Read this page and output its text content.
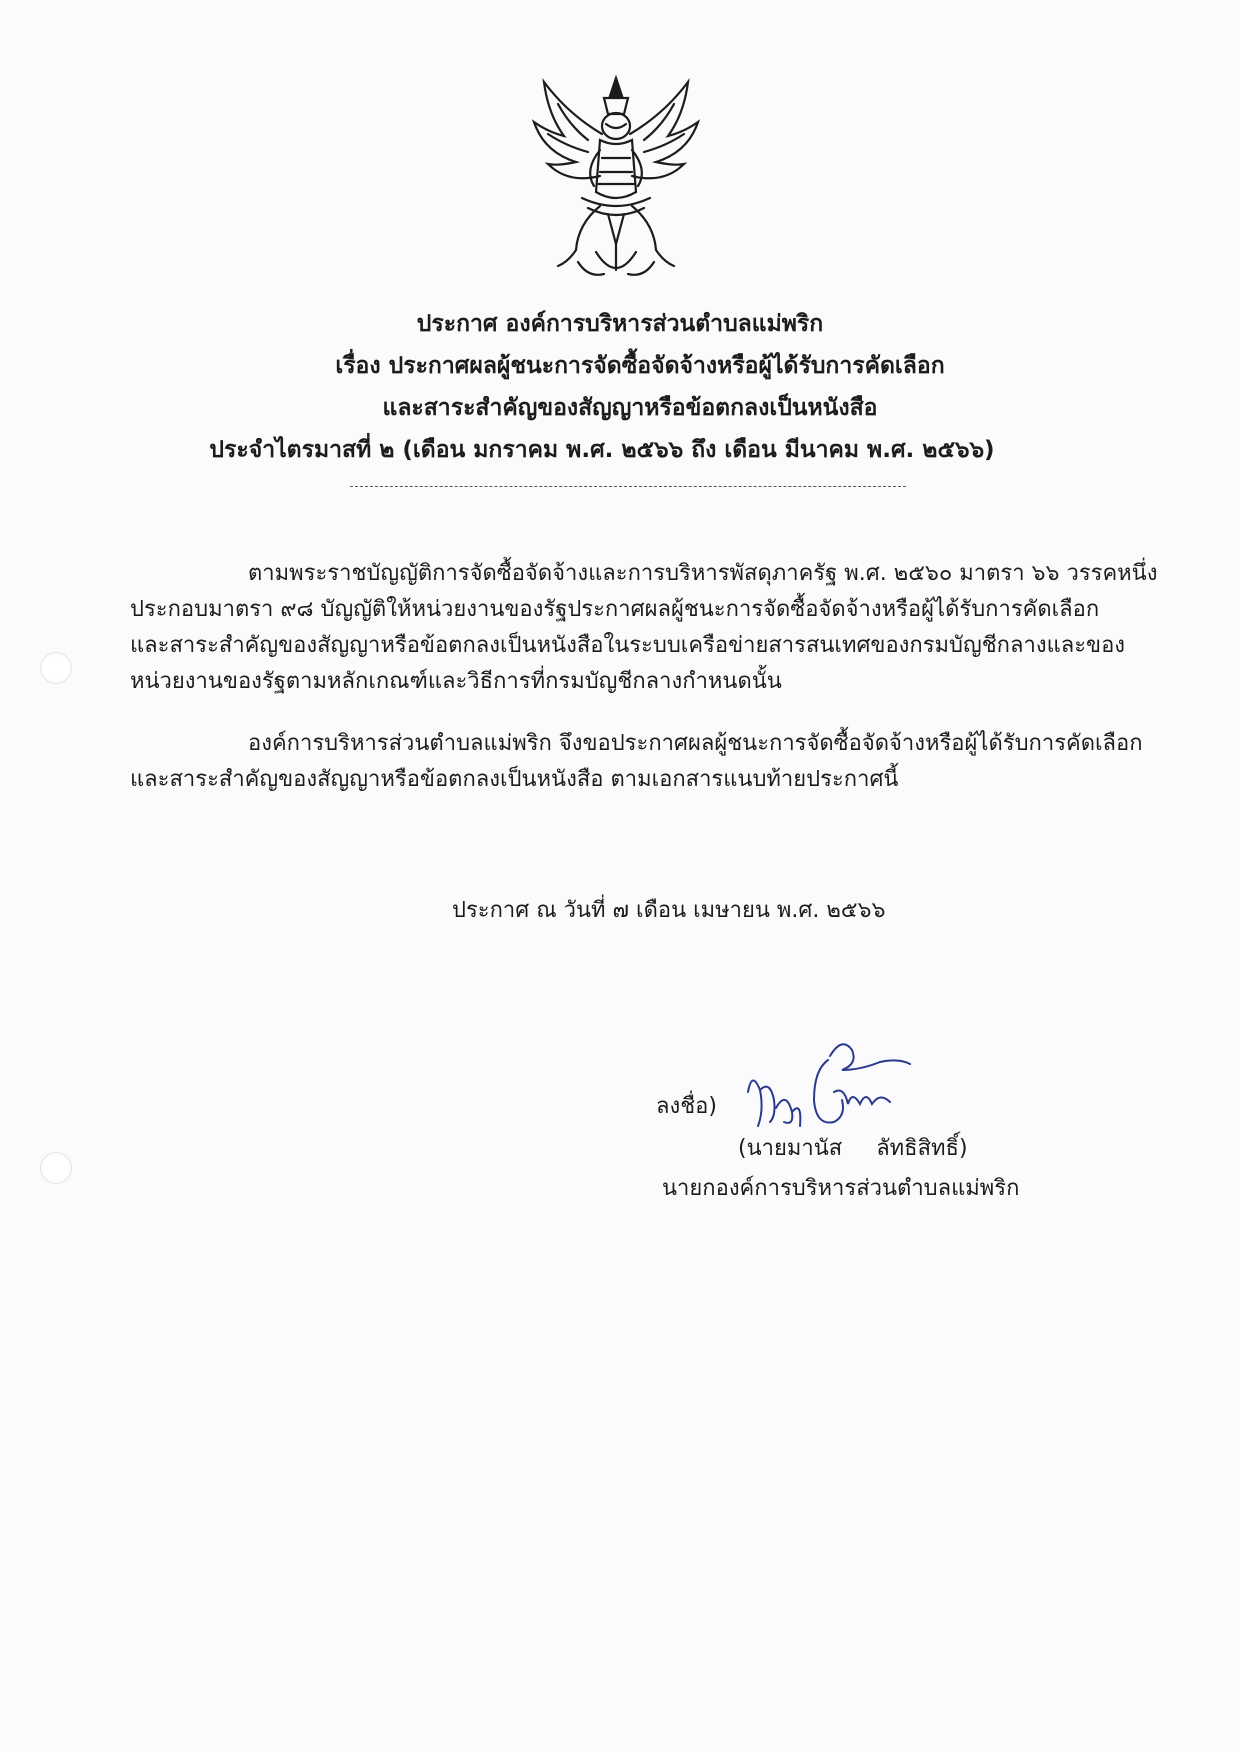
ประกาศ องค์การบริหารส่วนตำบลแม่พริก
เรื่อง ประกาศผลผู้ชนะการจัดซื้อจัดจ้างหรือผู้ได้รับการคัดเลือก
และสาระสำคัญของสัญญาหรือข้อตกลงเป็นหนังสือ
ประจำไตรมาสที่ ๒ (เดือน มกราคม พ.ศ. ๒๕๖๖ ถึง เดือน มีนาคม พ.ศ. ๒๕๖๖)
ตามพระราชบัญญัติการจัดซื้อจัดจ้างและการบริหารพัสดุภาครัฐ พ.ศ. ๒๕๖๐ มาตรา ๖๖ วรรคหนึ่ง
ประกอบมาตรา ๙๘ บัญญัติให้หน่วยงานของรัฐประกาศผลผู้ชนะการจัดซื้อจัดจ้างหรือผู้ได้รับการคัดเลือก
และสาระสำคัญของสัญญาหรือข้อตกลงเป็นหนังสือในระบบเครือข่ายสารสนเทศของกรมบัญชีกลางและของ
หน่วยงานของรัฐตามหลักเกณฑ์และวิธีการที่กรมบัญชีกลางกำหนดนั้น
องค์การบริหารส่วนตำบลแม่พริก จึงขอประกาศผลผู้ชนะการจัดซื้อจัดจ้างหรือผู้ได้รับการคัดเลือก
และสาระสำคัญของสัญญาหรือข้อตกลงเป็นหนังสือ ตามเอกสารแนบท้ายประกาศนี้
ประกาศ ณ วันที่ ๗ เดือน เมษายน พ.ศ. ๒๕๖๖
ลงชื่อ)
(นายมานัส ลัทธิสิทธิ์)
นายกองค์การบริหารส่วนตำบลแม่พริก
